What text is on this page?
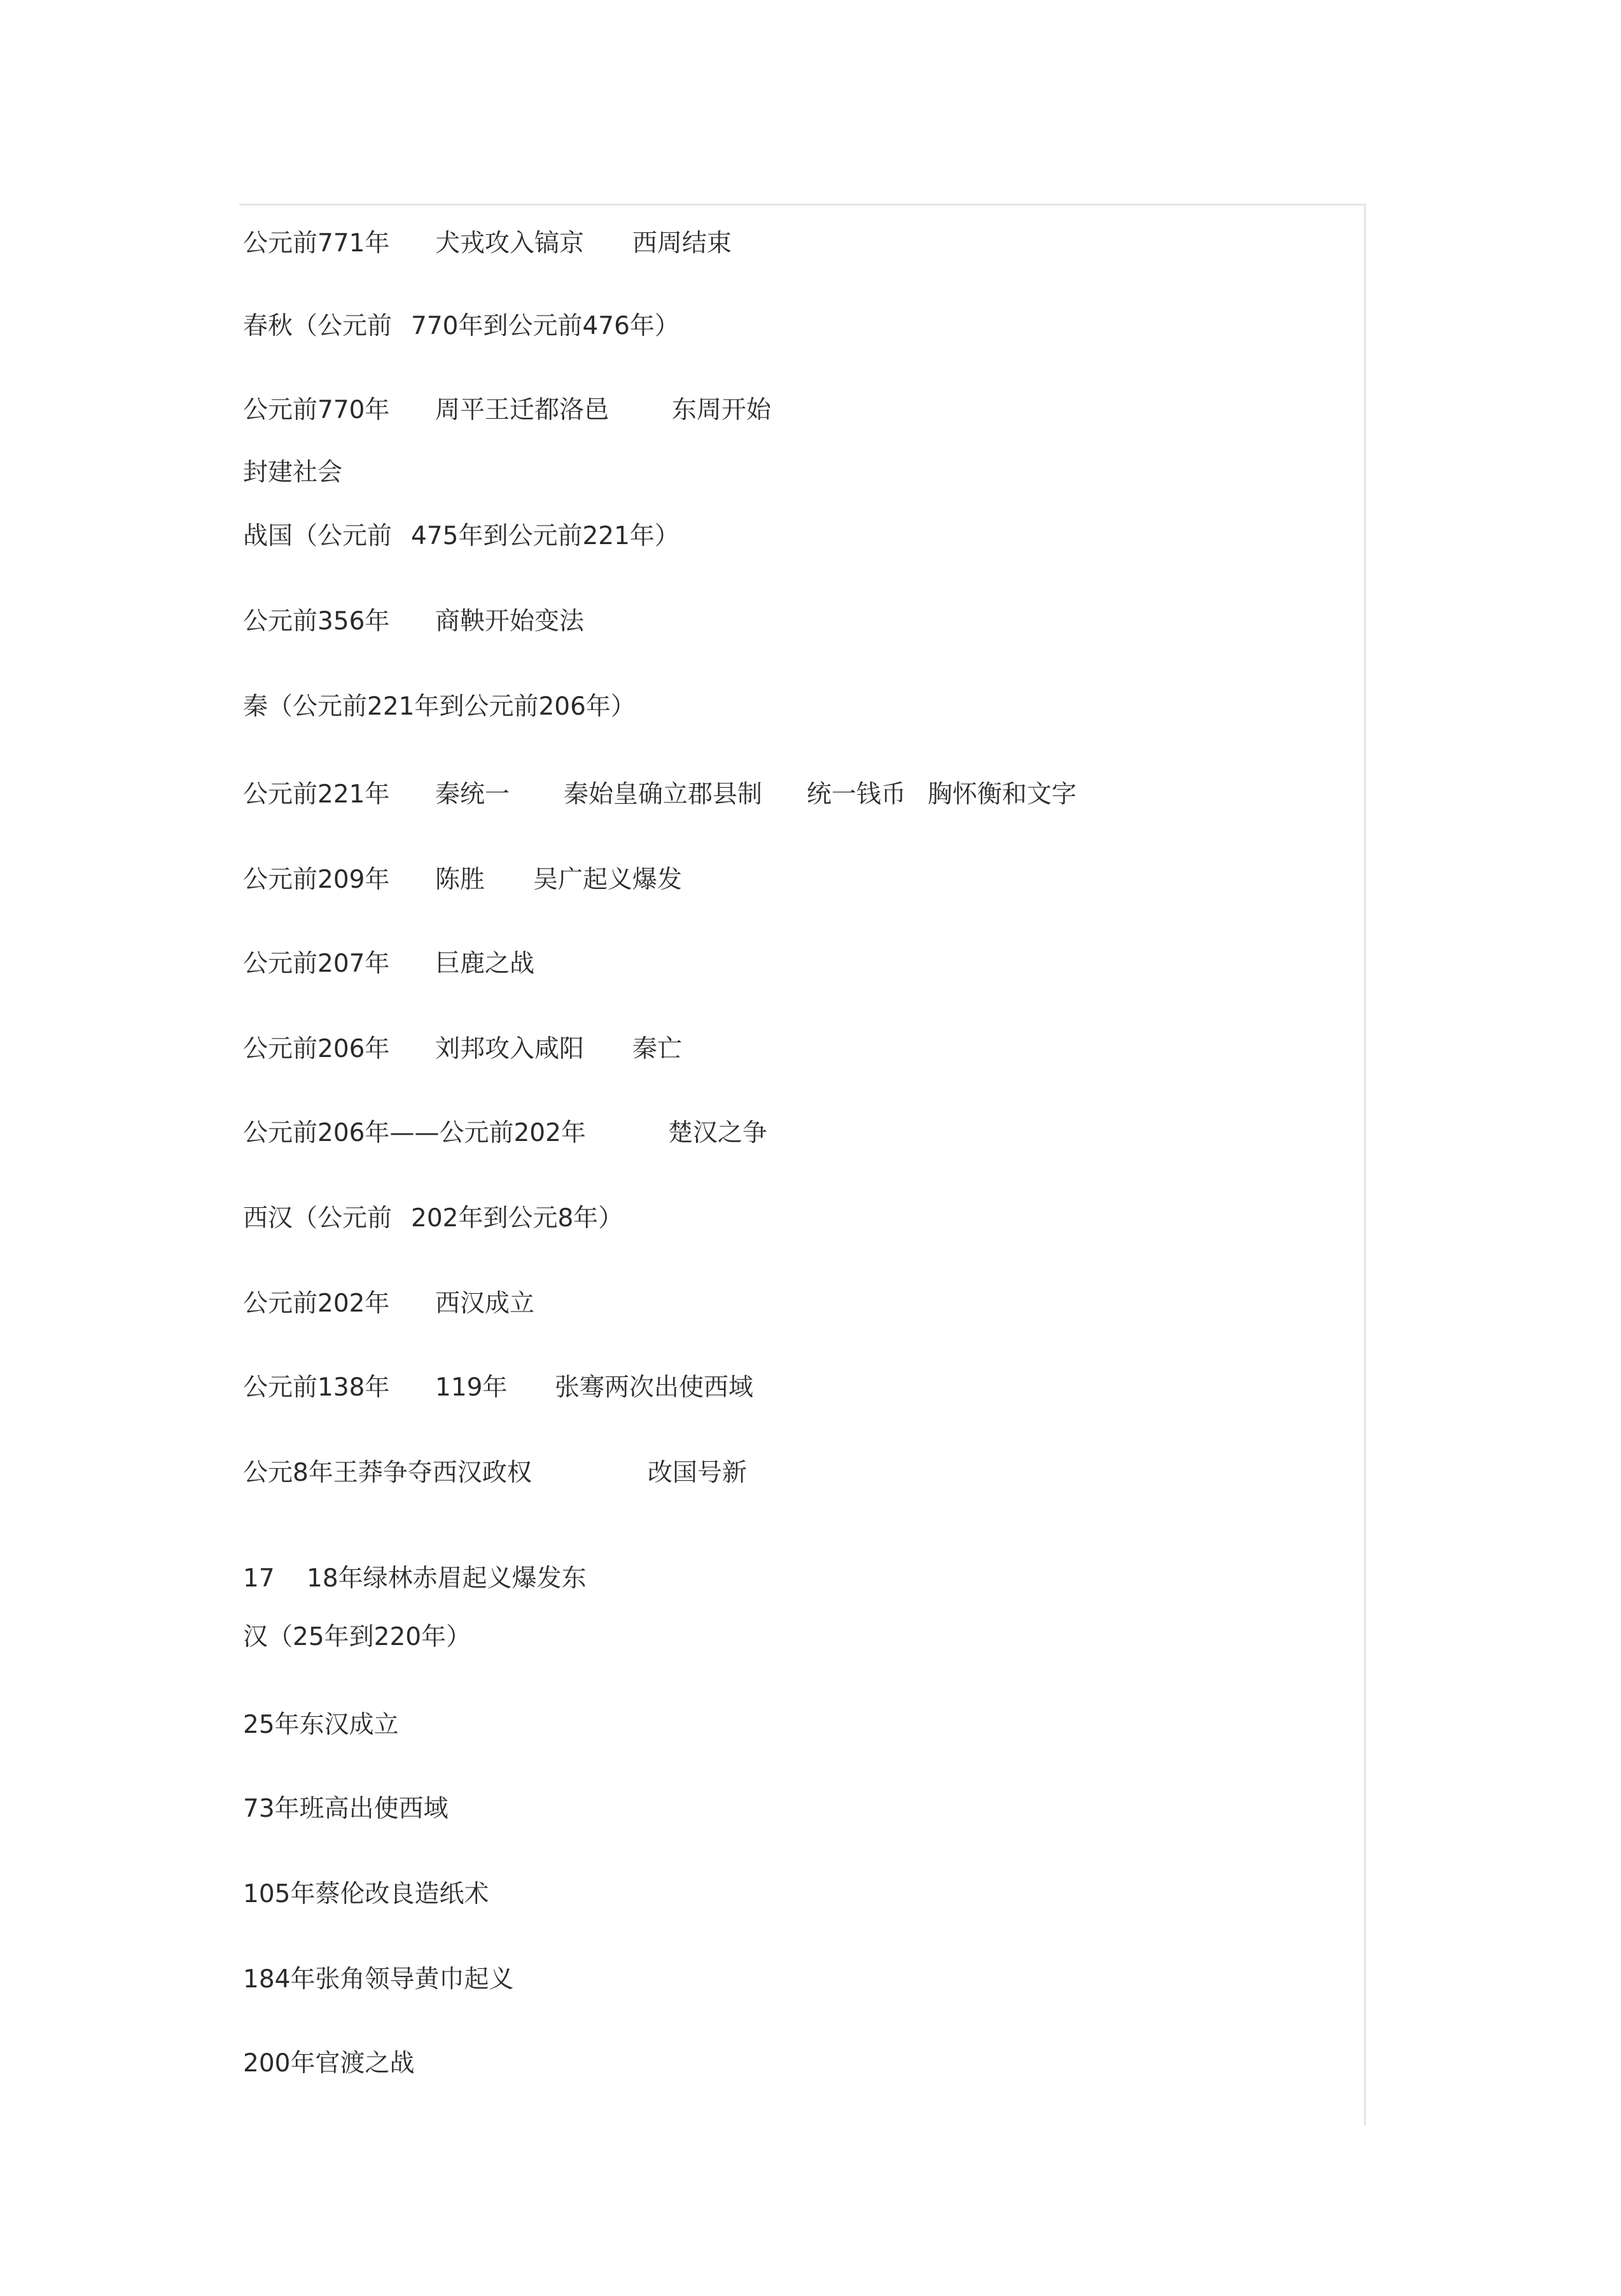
公元前771年 犬戎攻入镐京 西周结束
春秋（公元前 770年到公元前476年）
公元前770年 周平王迁都洛邑	东周开始
封建社会
战国（公元前 475年到公元前221年）
公元前356年 商鞅开始变法
秦（公元前221年到公元前206年）
公元前221年 秦统一 秦始皇确立郡县制 统一钱币 胸怀衡和文字
公元前209年 陈胜 吴广起义爆发
公元前207年 巨鹿之战
公元前206年 刘邦攻入咸阳 秦亡
公元前206年——公元前202年	楚汉之争
西汉（公元前 202年到公元8年）
公元前202年 西汉成立
公元前138年 119年 张骞两次出使西域
公元8年王莽争夺西汉政权	改国号新
17 18年绿林赤眉起义爆发东
汉（25年到220年）
25年东汉成立
73年班高出使西域
105年蔡伦改良造纸术
184年张角领导黄巾起义
200年官渡之战
